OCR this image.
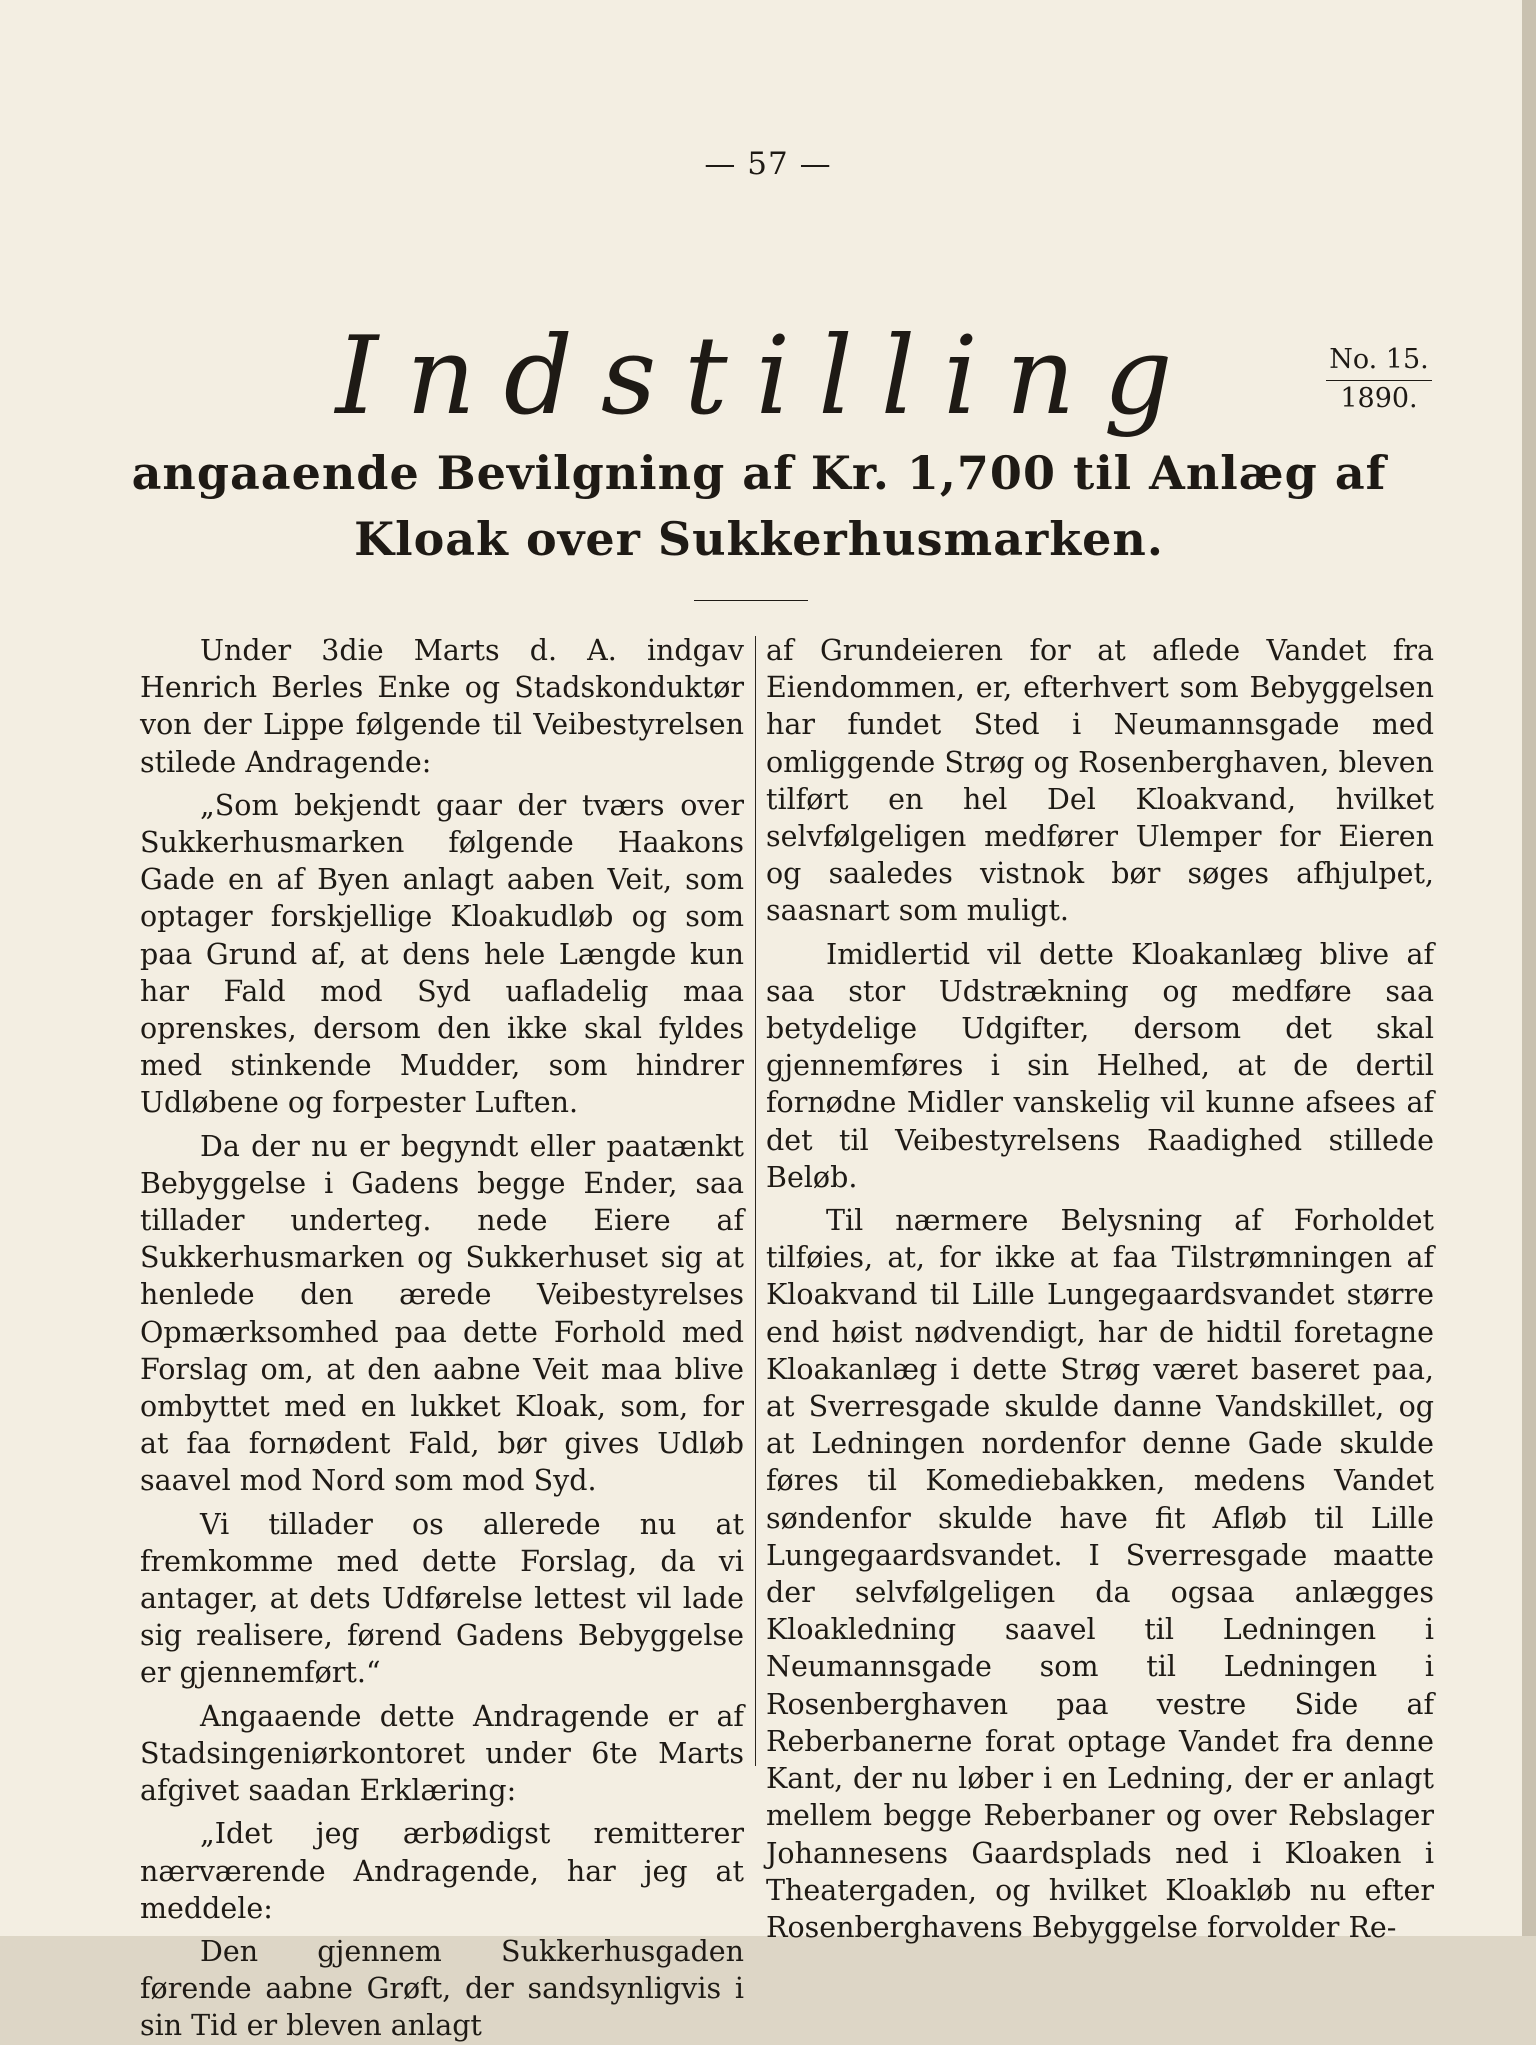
— 57 —
Indstilling	No. 15.
1890.
angaaende Bevilgning af Kr. 1,700 til Anlæg af Kloak over Sukkerhusmarken.

Under 3die Marts d. A. indgav Henrich Berles Enke og Stadskonduktør von der Lippe følgende til Veibestyrelsen stilede Andragende:

„Som bekjendt gaar der tværs over Sukkerhusmarken følgende Haakons Gade en af Byen anlagt aaben Veit, som optager forskjellige Kloakudløb og som paa Grund af, at dens hele Længde kun har Fald mod Syd uafladelig maa oprenskes, dersom den ikke skal fyldes med stinkende Mudder, som hindrer Udløbene og forpester Luften.

Da der nu er begyndt eller paatænkt Bebyggelse i Gadens begge Ender, saa tillader underteg. nede Eiere af Sukkerhusmarken og Sukkerhuset sig at henlede den ærede Veibestyrelses Opmærksomhed paa dette Forhold med Forslag om, at den aabne Veit maa blive ombyttet med en lukket Kloak, som, for at faa fornødent Fald, bør gives Udløb saavel mod Nord som mod Syd.

Vi tillader os allerede nu at fremkomme med dette Forslag, da vi antager, at dets Udførelse lettest vil lade sig realisere, førend Gadens Bebyggelse er gjennemført.“

Angaaende dette Andragende er af Stadsingeniørkontoret under 6te Marts afgivet saadan Erklæring:

„Idet jeg ærbødigst remitterer nærværende Andragende, har jeg at meddele:

Den gjennem Sukkerhusgaden førende aabne Grøft, der sandsynligvis i sin Tid er bleven anlagt

af Grundeieren for at aflede Vandet fra Eiendommen, er, efterhvert som Bebyggelsen har fundet Sted i Neumannsgade med omliggende Strøg og Rosenberghaven, bleven tilført en hel Del Kloakvand, hvilket selvfølgeligen medfører Ulemper for Eieren og saaledes vistnok bør søges afhjulpet, saasnart som muligt.

Imidlertid vil dette Kloakanlæg blive af saa stor Udstrækning og medføre saa betydelige Udgifter, dersom det skal gjennemføres i sin Helhed, at de dertil fornødne Midler vanskelig vil kunne afsees af det til Veibestyrelsens Raadighed stillede Beløb.

Til nærmere Belysning af Forholdet tilføies, at, for ikke at faa Tilstrømningen af Kloakvand til Lille Lungegaardsvandet større end høist nødvendigt, har de hidtil foretagne Kloakanlæg i dette Strøg været baseret paa, at Sverresgade skulde danne Vandskillet, og at Ledningen nordenfor denne Gade skulde føres til Komediebakken, medens Vandet søndenfor skulde have fit Afløb til Lille Lungegaardsvandet. I Sverresgade maatte der selvfølgeligen da ogsaa anlægges Kloakledning saavel til Ledningen i Neumannsgade som til Ledningen i Rosenberghaven paa vestre Side af Reberbanerne forat optage Vandet fra denne Kant, der nu løber i en Ledning, der er anlagt mellem begge Reberbaner og over Rebslager Johannesens Gaardsplads ned i Kloaken i Theatergaden, og hvilket Kloakløb nu efter Rosenberghavens Bebyggelse forvolder Re-
